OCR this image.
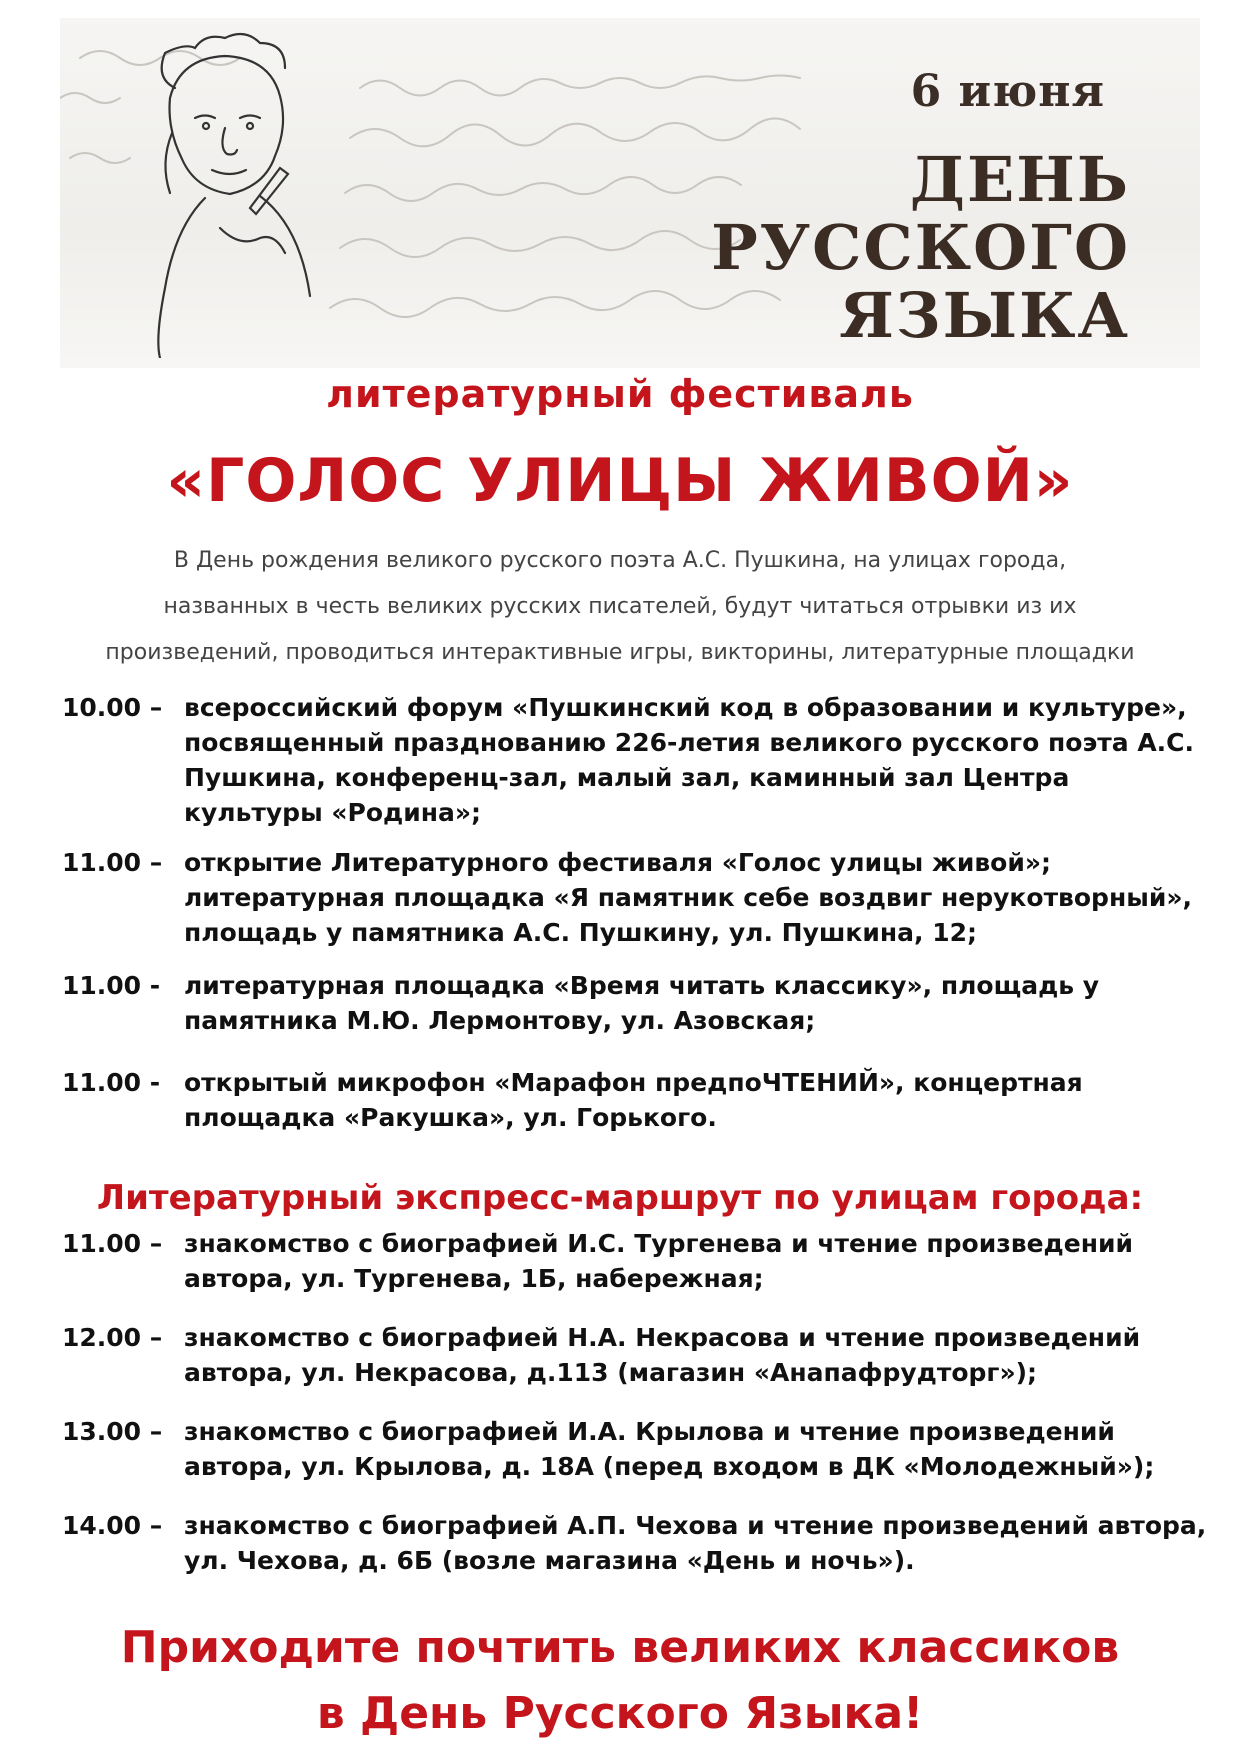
6 июня
ДЕНЬ
РУССКОГО
ЯЗЫКА
литературный фестиваль
«ГОЛОС УЛИЦЫ ЖИВОЙ»
В День рождения великого русского поэта А.С. Пушкина, на улицах города,
названных в честь великих русских писателей, будут читаться отрывки из их
произведений, проводиться интерактивные игры, викторины, литературные площадки
10.00 – всероссийский форум «Пушкинский код в образовании и культуре», посвященный празднованию 226-летия великого русского поэта А.С. Пушкина, конференц-зал, малый зал, каминный зал Центра культуры «Родина»;
11.00 – открытие Литературного фестиваля «Голос улицы живой»; литературная площадка «Я памятник себе воздвиг нерукотворный», площадь у памятника А.С. Пушкину, ул. Пушкина, 12;
11.00 - литературная площадка «Время читать классику», площадь у памятника М.Ю. Лермонтову, ул. Азовская;
11.00 - открытый микрофон «Марафон предпоЧТЕНИЙ», концертная площадка «Ракушка», ул. Горького.
Литературный экспресс-маршрут по улицам города:
11.00 – знакомство с биографией И.С. Тургенева и чтение произведений автора, ул. Тургенева, 1Б, набережная;
12.00 – знакомство с биографией Н.А. Некрасова и чтение произведений автора, ул. Некрасова, д.113 (магазин «Анапафрудторг»);
13.00 – знакомство с биографией И.А. Крылова и чтение произведений автора, ул. Крылова, д. 18А (перед входом в ДК «Молодежный»);
14.00 – знакомство с биографией А.П. Чехова и чтение произведений автора, ул. Чехова, д. 6Б (возле магазина «День и ночь»).
Приходите почтить великих классиков
в День Русского Языка!
